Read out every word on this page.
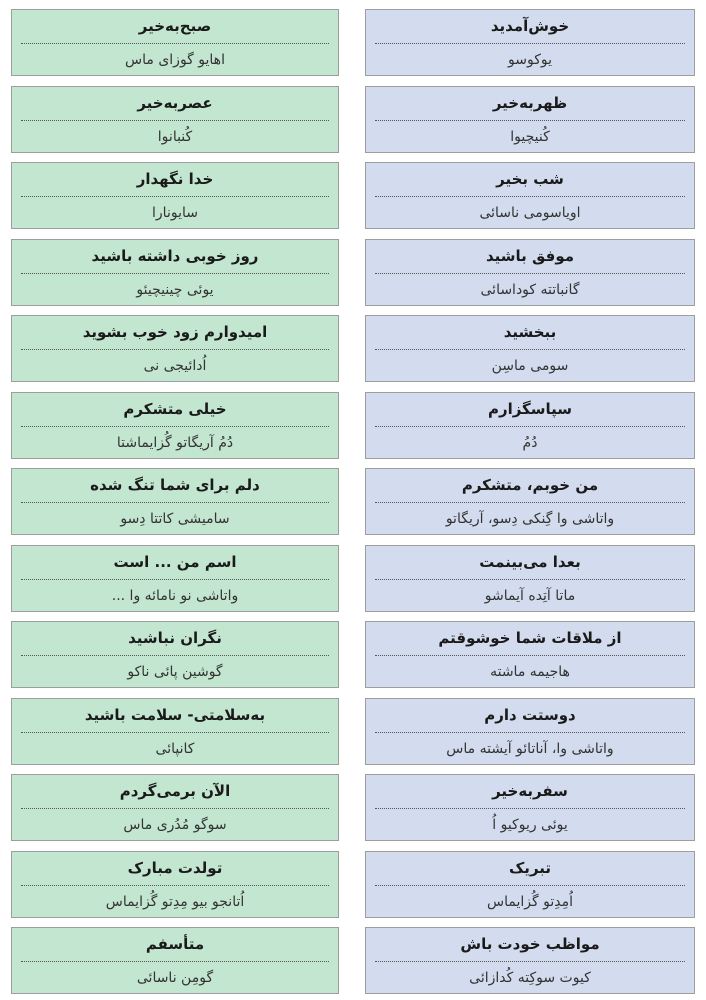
خوش‌آمدید
یوکوسو
صبح‌به‌خیر
اهایو گوزای ماس
ظهربه‌خیر
کُنیچیوا
عصربه‌خیر
کُنبانوا
شب بخیر
اویاسومی ناسائی
خدا نگهدار
سایونارا
موفق باشید
گانباتته کوداسائی
روز خوبی داشته باشید
یوئی چینیچیئو
ببخشید
سومی ماسِن
امیدوارم زود خوب بشوید
اُدائیجی نی
سپاسگزارم
دُمُ
خیلی متشکرم
دُمُ آریگاتو گُزایماشتا
من خوبم، متشکرم
واتاشی وا گِنکی دِسو، آریگاتو
دلم برای شما تنگ شده
سامیشی کاتتا دِسو
بعدا می‌بینمت
ماتا آتِده آیماشو
اسم من ... است
واتاشی نو نامائه وا ...
از ملاقات شما خوشوقتم
هاجیمه ماشته
نگران نباشید
گوشین پائی ناکو
دوستت دارم
واتاشی وا، آناتائو آیشته ماس
به‌سلامتی- سلامت باشید
کانپائی
سفربه‌خیر
یوئی ریوکیو اُ
الآن برمی‌گردم
سوگو مُدُری ماس
تبریک
اُمِدِتو گُزایماس
تولدت مبارک
اُتانجو بیو مِدِتو گُزایماس
مواظب خودت باش
کیوت سوکِته کُدازائی
متأسفم
گومِن ناسائی
